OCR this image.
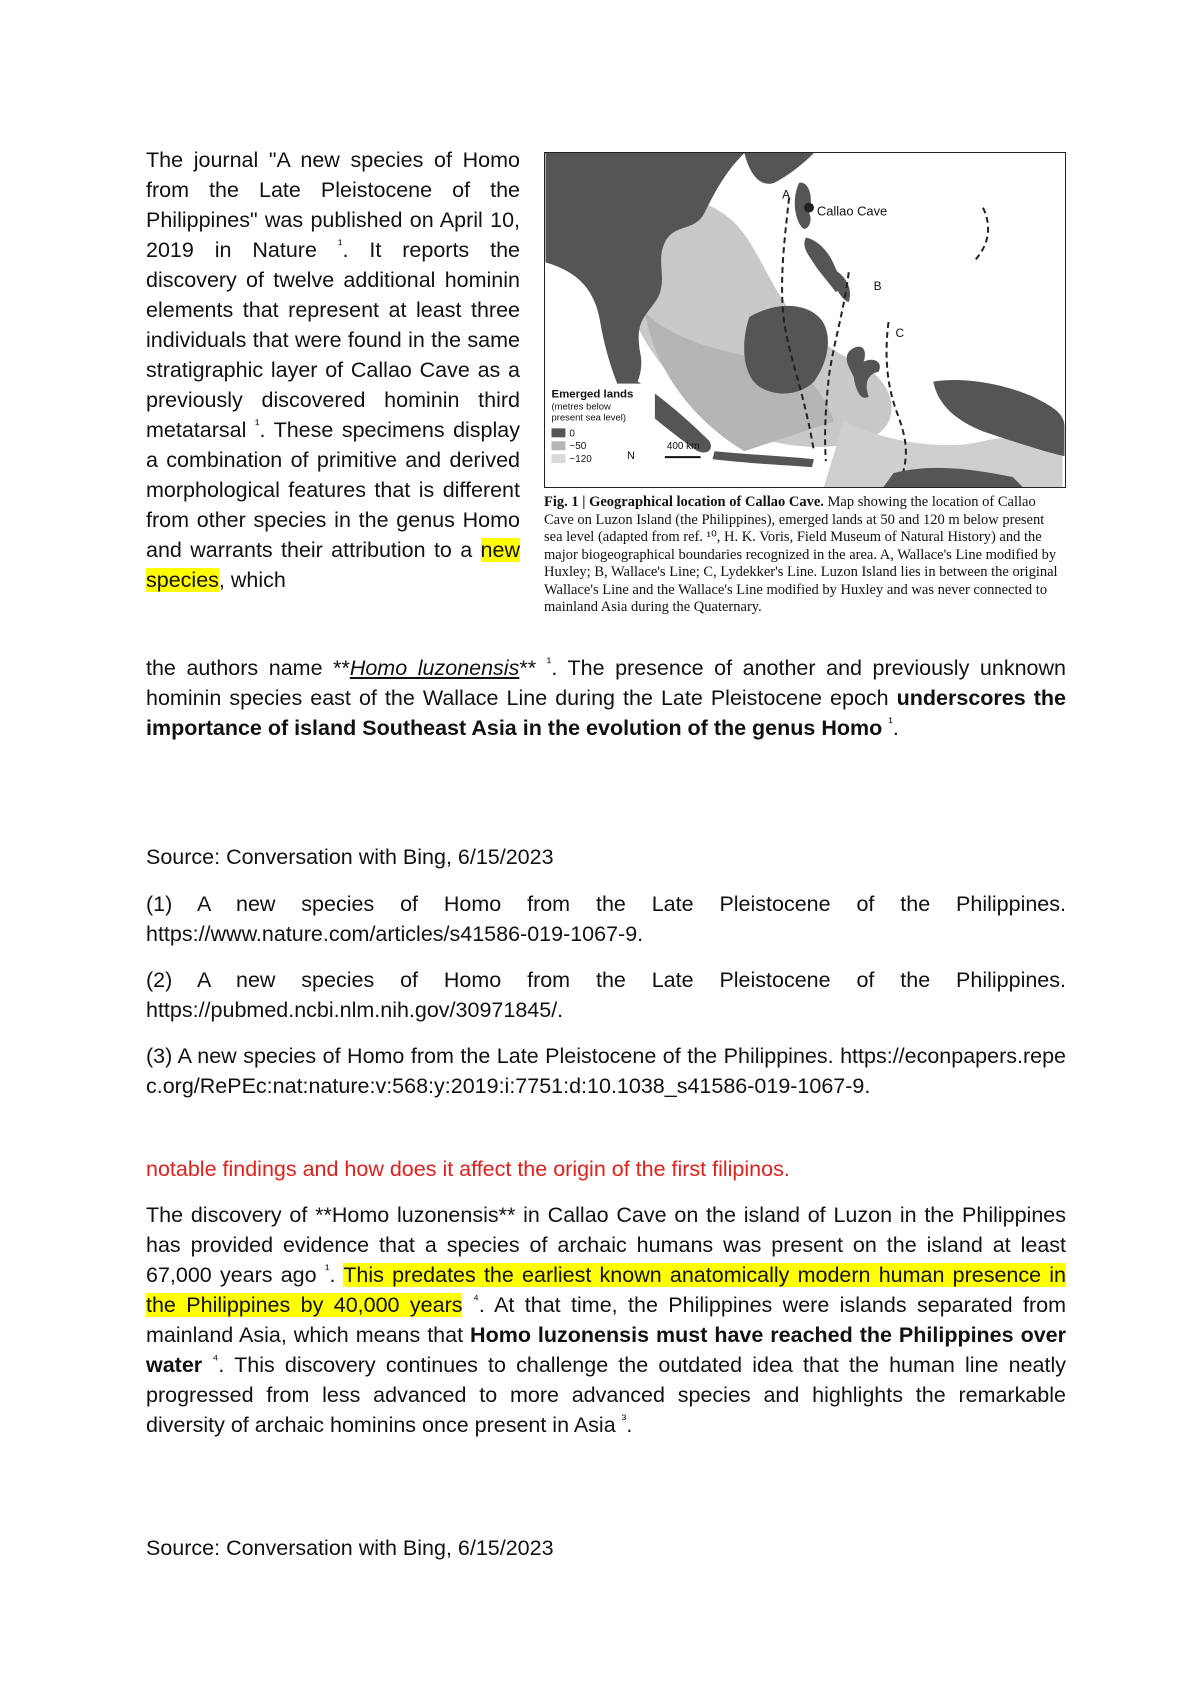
The journal "A new species of Homo from the Late Pleistocene of the Philippines" was published on April 10, 2019 in Nature $^{^1}$. It reports the discovery of twelve additional hominin elements that represent at least three individuals that were found in the same stratigraphic layer of Callao Cave as a previously discovered hominin third metatarsal $^{^1}$. These specimens display a combination of primitive and derived morphological features that is different from other species in the genus Homo and warrants their attribution to a new species, which

Callao Cave
A
B
C
Emerged lands
(metres below
present sea level)
0
−50
−120	N
400 km
Fig. 1 | Geographical location of Callao Cave. Map showing the location of Callao Cave on Luzon Island (the Philippines), emerged lands at 50 and 120 m below present sea level (adapted from ref. ¹⁰, H. K. Voris, Field Museum of Natural History) and the major biogeographical boundaries recognized in the area. A, Wallace's Line modified by Huxley; B, Wallace's Line; C, Lydekker's Line. Luzon Island lies in between the original Wallace's Line and the Wallace's Line modified by Huxley and was never connected to mainland Asia during the Quaternary.

the authors name **Homo luzonensis** $^{^1}$. The presence of another and previously unknown hominin species east of the Wallace Line during the Late Pleistocene epoch underscores the importance of island Southeast Asia in the evolution of the genus Homo $^{^1}$.

Source: Conversation with Bing, 6/15/2023

(1) A new species of Homo from the Late Pleistocene of the Philippines. https://www.nature.com/articles/s41586-019-1067-9.

(2) A new species of Homo from the Late Pleistocene of the Philippines. https://pubmed.ncbi.nlm.nih.gov/30971845/.

(3) A new species of Homo from the Late Pleistocene of the Philippines. https://econpapers.repec.org/RePEc:nat:nature:v:568:y:2019:i:7751:d:10.1038_s41586-019-1067-9.

notable findings and how does it affect the origin of the first filipinos.

The discovery of **Homo luzonensis** in Callao Cave on the island of Luzon in the Philippines has provided evidence that a species of archaic humans was present on the island at least 67,000 years ago $^{^1}$. This predates the earliest known anatomically modern human presence in the Philippines by 40,000 years $^{^4}$. At that time, the Philippines were islands separated from mainland Asia, which means that Homo luzonensis must have reached the Philippines over water $^{^4}$. This discovery continues to challenge the outdated idea that the human line neatly progressed from less advanced to more advanced species and highlights the remarkable diversity of archaic hominins once present in Asia $^{^3}$.

Source: Conversation with Bing, 6/15/2023
